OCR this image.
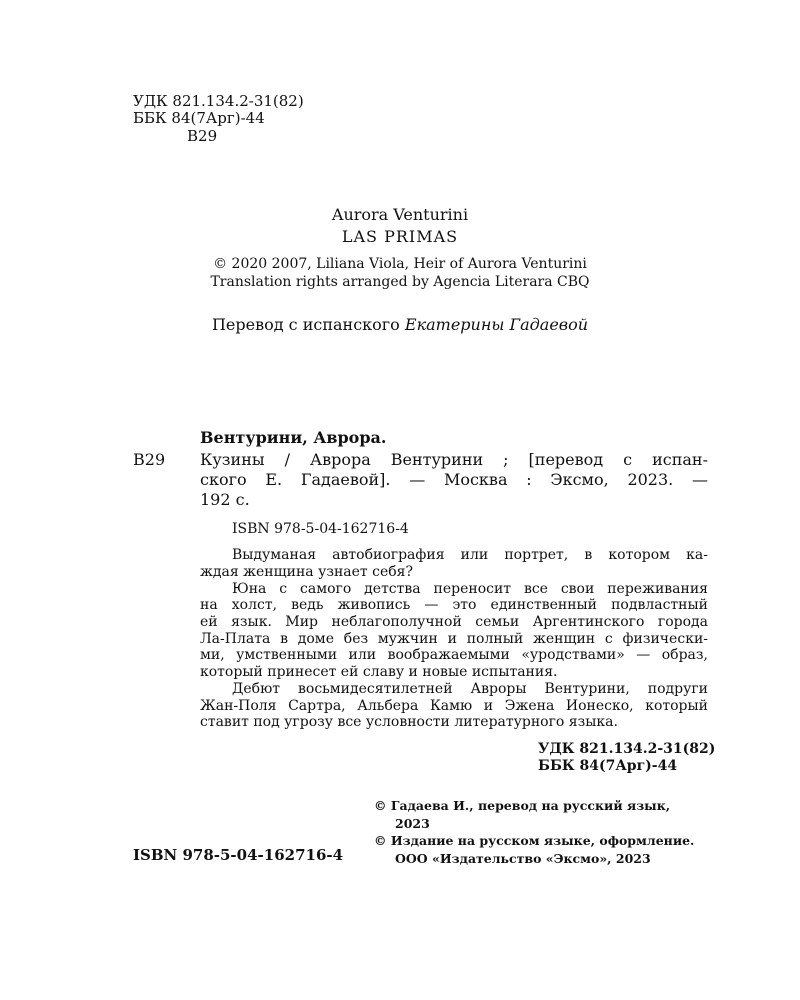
УДК 821.134.2-31(82)
ББК 84(7Арг)-44
В29
Aurora Venturini
LAS PRIMAS
© 2020 2007, Liliana Viola, Heir of Aurora Venturini
Translation rights arranged by Agencia Literara CBQ
Перевод с испанского Екатерины Гадаевой
Вентурини, Аврора.
В29 Кузины / Аврора Вентурини ; [перевод с испан-
ского Е. Гадаевой]. — Москва : Эксмо, 2023. —
192 с.
ISBN 978-5-04-162716-4
Выдуманая автобиография или портрет, в котором ка-
ждая женщина узнает себя?
Юна с самого детства переносит все свои переживания
на холст, ведь живопись — это единственный подвластный
ей язык. Мир неблагополучной семьи Аргентинского города
Ла-Плата в доме без мужчин и полный женщин с физически-
ми, умственными или воображаемыми «уродствами» — образ,
который принесет ей славу и новые испытания.
Дебют восьмидесятилетней Авроры Вентурини, подруги
Жан-Поля Сартра, Альбера Камю и Эжена Ионеско, который
ставит под угрозу все условности литературного языка.
УДК 821.134.2-31(82)
ББК 84(7Арг)-44
© Гадаева И., перевод на русский язык,
2023
© Издание на русском языке, оформление.
ООО «Издательство «Эксмо», 2023
ISBN 978-5-04-162716-4
